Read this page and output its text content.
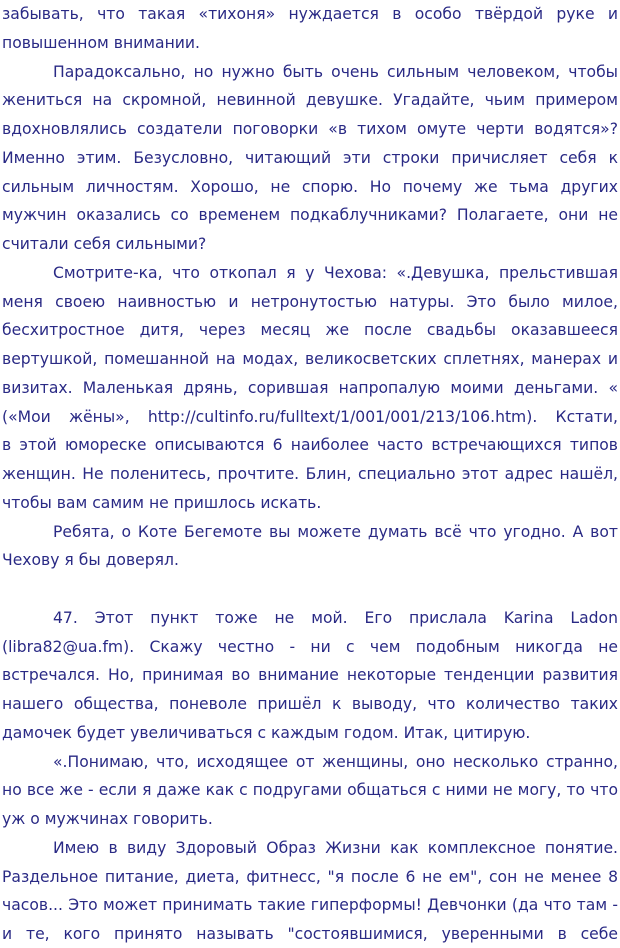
забывать, что такая «тихоня» нуждается в особо твёрдой руке и
повышенном внимании.
Парадоксально, но нужно быть очень сильным человеком, чтобы
жениться на скромной, невинной девушке. Угадайте, чьим примером
вдохновлялись создатели поговорки «в тихом омуте черти водятся»?
Именно этим. Безусловно, читающий эти строки причисляет себя к
сильным личностям. Хорошо, не спорю. Но почему же тьма других
мужчин оказались со временем подкаблучниками? Полагаете, они не
считали себя сильными?
Смотрите-ка, что откопал я у Чехова: «.Девушка, прельстившая
меня своею наивностью и нетронутостью натуры. Это было милое,
бесхитростное дитя, через месяц же после свадьбы оказавшееся
вертушкой, помешанной на модах, великосветских сплетнях, манерах и
визитах. Маленькая дрянь, сорившая напропалую моими деньгами. «
(«Мои жёны», http://cultinfo.ru/fulltext/1/001/001/213/106.htm). Кстати,
в этой юмореске описываются 6 наиболее часто встречающихся типов
женщин. Не поленитесь, прочтите. Блин, специально этот адрес нашёл,
чтобы вам самим не пришлось искать.
Ребята, о Коте Бегемоте вы можете думать всё что угодно. А вот
Чехову я бы доверял.
47. Этот пункт тоже не мой. Его прислала Karina Ladon
(libra82@ua.fm). Скажу честно - ни с чем подобным никогда не
встречался. Но, принимая во внимание некоторые тенденции развития
нашего общества, поневоле пришёл к выводу, что количество таких
дамочек будет увеличиваться с каждым годом. Итак, цитирую.
«.Понимаю, что, исходящее от женщины, оно несколько странно,
но все же - если я даже как с подругами общаться с ними не могу, то что
уж о мужчинах говорить.
Имею в виду Здоровый Образ Жизни как комплексное понятие.
Раздельное питание, диета, фитнесс, "я после 6 не ем", сон не менее 8
часов... Это может принимать такие гиперформы! Девчонки (да что там -
и те, кого принято называть "состоявшимися, уверенными в себе
